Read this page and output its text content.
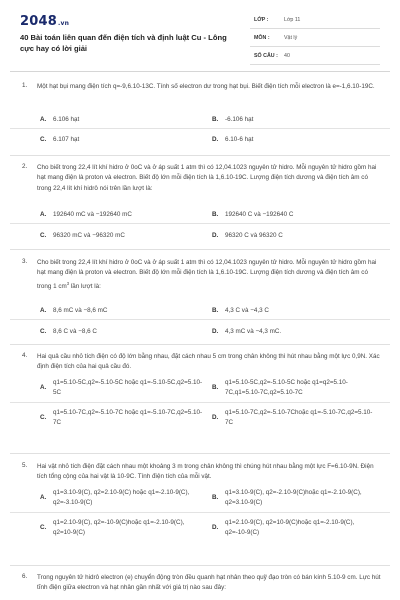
2048.vn
40 Bài toán liên quan đến điện tích và định luật Cu - Lông cực hay có lời giải
LỚP :	Lớp 11
MÔN :	Vật lý
SỐ CÂU : 40
1. Một hạt bụi mang điện tích q=-9,6.10-13C. Tính số electron dư trong hạt bụi. Biết điện tích mỗi electron là e=-1,6.10-19C.
A. 6.106 hạt	B. -6.106 hạt
C. 6.107 hạt	D. 6.10-6 hạt
2. Cho biết trong 22,4 lít khí hidro ở 0oC và ở áp suất 1 atm thì có 12,04.1023 nguyên tử hidro. Mỗi nguyên tử hidro gồm hai hạt mang điện là proton và electron. Biết độ lớn mỗi điện tích là 1,6.10-19C. Lượng điện tích dương và điện tích âm có trong 22,4 lít khí hidrô nói trên lần lượt là:
A. 192640 mC và −192640 mC	B. 192640 C và −192640 C
C. 96320 mC và −96320 mC	D. 96320 C và 96320 C
3. Cho biết trong 22,4 lít khí hidro ở 0oC và ở áp suất 1 atm thì có 12,04.1023 nguyên tử hidro. Mỗi nguyên tử hidro gồm hai hạt mang điện là proton và electron. Biết độ lớn mỗi điện tích là 1,6.10-19C. Lượng điện tích dương và điện tích âm có trong 1 $cm^3$ lần lượt là:
A. 8,6 mC và −8,6 mC	B. 4,3 C và −4,3 C
C. 8,6 C và −8,6 C	D. 4,3 mC và −4,3 mC.
4. Hai quả cầu nhỏ tích điện có độ lớn bằng nhau, đặt cách nhau 5 cm trong chân không thì hút nhau bằng một lực 0,9N. Xác định điện tích của hai quả cầu đó.
A.
q1=5.10-5C,q2=-5.10-5C hoặc q1=-5.10-5C,q2=5.10-5C
B.
q1=5.10-5C,q2=-5.10-5C hoặc q1=q2=5.10-7C,q1=5.10-7C,q2=5.10-7C
C.
q1=5.10-7C,q2=-5.10-7C hoặc q1=-5.10-7C,q2=5.10-7C
D.
q1=5.10-7C,q2=-5.10-7Choặc q1=-5.10-7C,q2=5.10-7C
5. Hai vật nhỏ tích điện đặt cách nhau một khoảng 3 m trong chân không thì chúng hút nhau bằng một lực F=6.10-9N. Điện tích tổng cộng của hai vật là 10-9C. Tính điện tích của mỗi vật.
A.
q1=3.10-9(C), q2=2.10-9(C) hoặc q1=-2.10-9(C), q2=-3.10-9(C)
B.
q1=3.10-9(C), q2=-2.10-9(C)hoặc q1=-2.10-9(C), q2=3.10-9(C)
C.
q1=2.10-9(C), q2=-10-9(C)hoặc q1=-2.10-9(C), q2=10-9(C)
D.
q1=2.10-9(C), q2=10-9(C)hoặc q1=-2.10-9(C), q2=-10-9(C)
6. Trong nguyên tử hidrô electron (e) chuyển động tròn đều quanh hạt nhân theo quỹ đạo tròn có bán kính 5.10-9 cm. Lực hút tĩnh điện giữa electron và hạt nhân gần nhất với giá trị nào sau đây:
